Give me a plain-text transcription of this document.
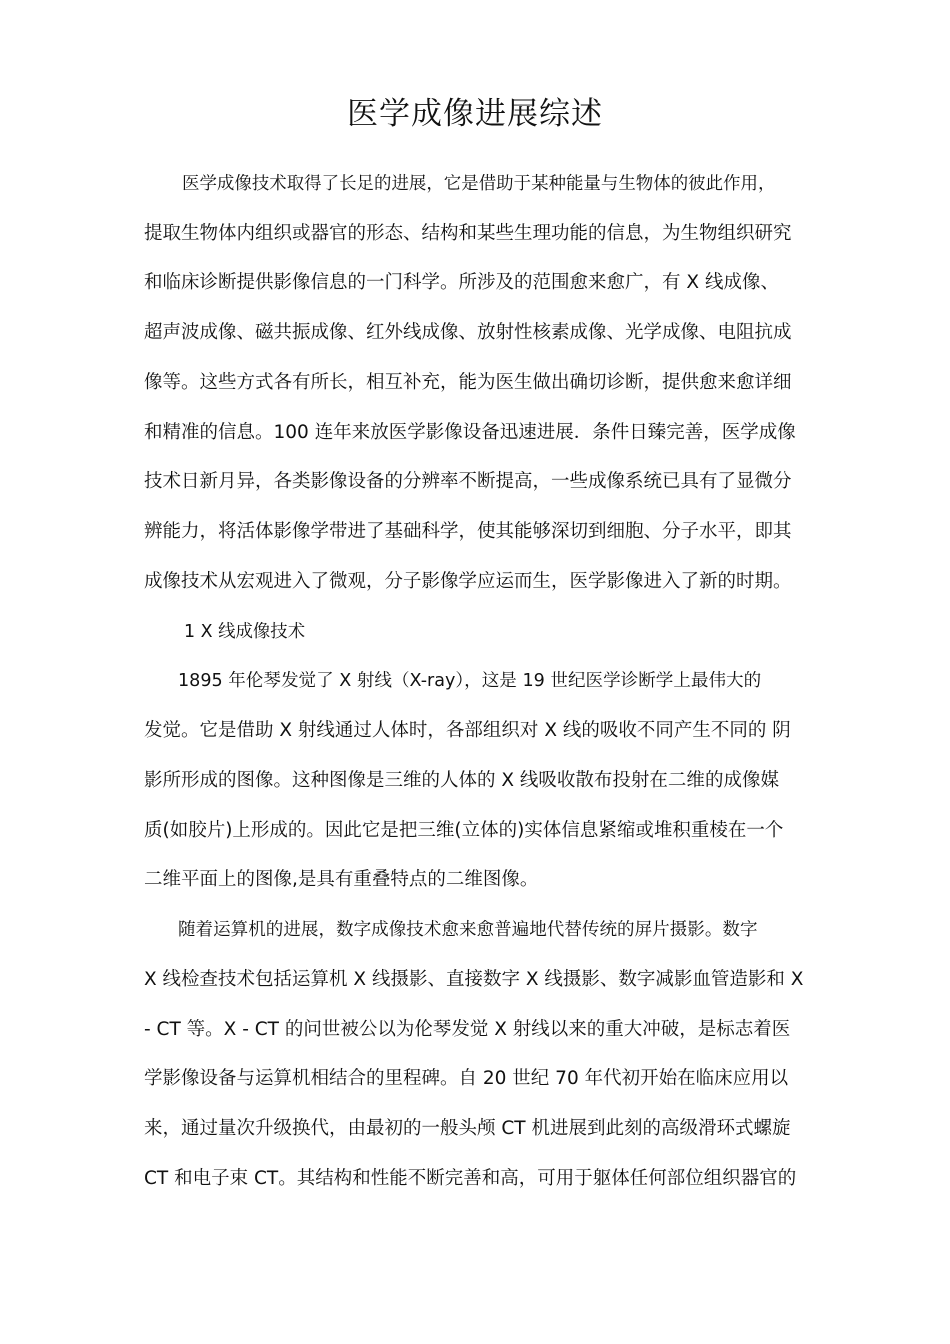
医学成像进展综述

医学成像技术取得了长足的进展，它是借助于某种能量与生物体的彼此作用，

提取生物体内组织或器官的形态、结构和某些生理功能的信息，为生物组织研究

和临床诊断提供影像信息的一门科学。所涉及的范围愈来愈广，有 X 线成像、

超声波成像、磁共振成像、红外线成像、放射性核素成像、光学成像、电阻抗成

像等。这些方式各有所长，相互补充，能为医生做出确切诊断，提供愈来愈详细

和精准的信息。100 连年来放医学影像设备迅速进展．条件日臻完善，医学成像

技术日新月异，各类影像设备的分辨率不断提高，一些成像系统已具有了显微分

辨能力，将活体影像学带进了基础科学，使其能够深切到细胞、分子水平，即其

成像技术从宏观进入了微观，分子影像学应运而生，医学影像进入了新的时期。

1 X 线成像技术

1895 年伦琴发觉了 X 射线（X-ray），这是 19 世纪医学诊断学上最伟大的

发觉。它是借助 X 射线通过人体时，各部组织对 X 线的吸收不同产生不同的 阴

影所形成的图像。这种图像是三维的人体的 X 线吸收散布投射在二维的成像媒

质(如胶片)上形成的。因此它是把三维(立体的)实体信息紧缩或堆积重棱在一个

二维平面上的图像,是具有重叠特点的二维图像。

随着运算机的进展，数字成像技术愈来愈普遍地代替传统的屏片摄影。数字

X 线检查技术包括运算机 X 线摄影、直接数字 X 线摄影、数字减影血管造影和 X

- CT 等。X - CT 的问世被公以为伦琴发觉 X 射线以来的重大冲破，是标志着医

学影像设备与运算机相结合的里程碑。自 20 世纪 70 年代初开始在临床应用以

来，通过量次升级换代，由最初的一般头颅 CT 机进展到此刻的高级滑环式螺旋

CT 和电子束 CT。其结构和性能不断完善和高，可用于躯体任何部位组织器官的
